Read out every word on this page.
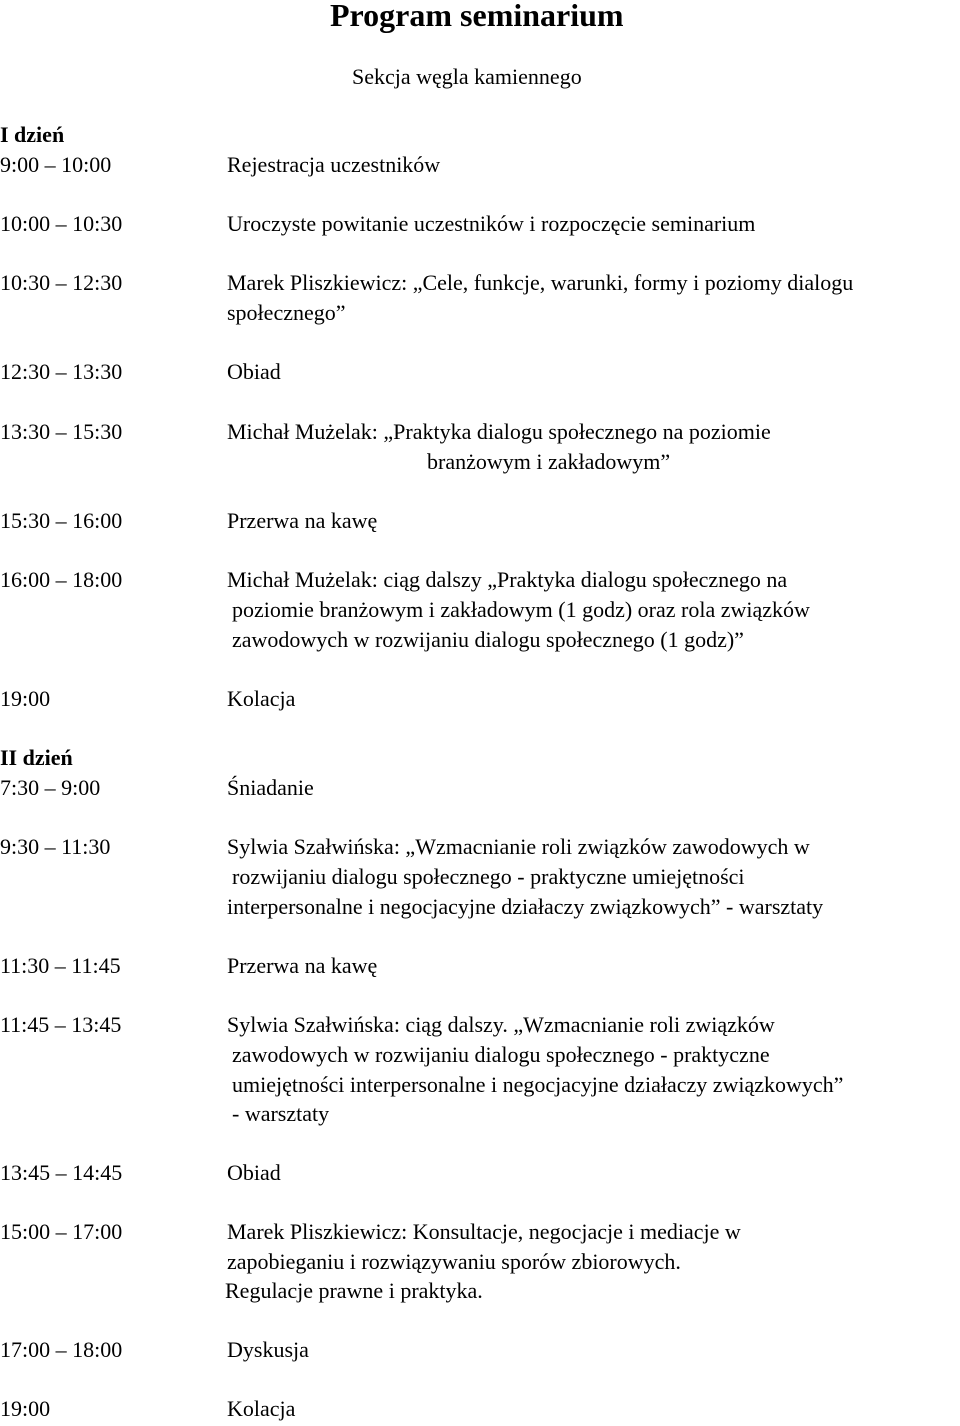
Program seminarium
Sekcja węgla kamiennego
I dzień
9:00 – 10:00	Rejestracja uczestników
10:00 – 10:30	Uroczyste powitanie uczestników i rozpoczęcie seminarium
10:30 – 12:30	Marek Pliszkiewicz: „Cele, funkcje, warunki, formy i poziomy dialogu
społecznego”
12:30 – 13:30	Obiad
13:30 – 15:30	Michał Mużelak: „Praktyka dialogu społecznego na poziomie
branżowym i zakładowym”
15:30 – 16:00	Przerwa na kawę
16:00 – 18:00	Michał Mużelak: ciąg dalszy „Praktyka dialogu społecznego na
poziomie branżowym i zakładowym (1 godz) oraz rola związków
zawodowych w rozwijaniu dialogu społecznego (1 godz)”
19:00	Kolacja
II dzień
7:30 – 9:00	Śniadanie
9:30 – 11:30	Sylwia Szałwińska: „Wzmacnianie roli związków zawodowych w
rozwijaniu dialogu społecznego - praktyczne umiejętności
interpersonalne i negocjacyjne działaczy związkowych” - warsztaty
11:30 – 11:45	Przerwa na kawę
11:45 – 13:45	Sylwia Szałwińska: ciąg dalszy. „Wzmacnianie roli związków
zawodowych w rozwijaniu dialogu społecznego - praktyczne
umiejętności interpersonalne i negocjacyjne działaczy związkowych”
- warsztaty
13:45 – 14:45	Obiad
15:00 – 17:00	Marek Pliszkiewicz: Konsultacje, negocjacje i mediacje w
zapobieganiu i rozwiązywaniu sporów zbiorowych.
Regulacje prawne i praktyka.
17:00 – 18:00	Dyskusja
19:00	Kolacja
